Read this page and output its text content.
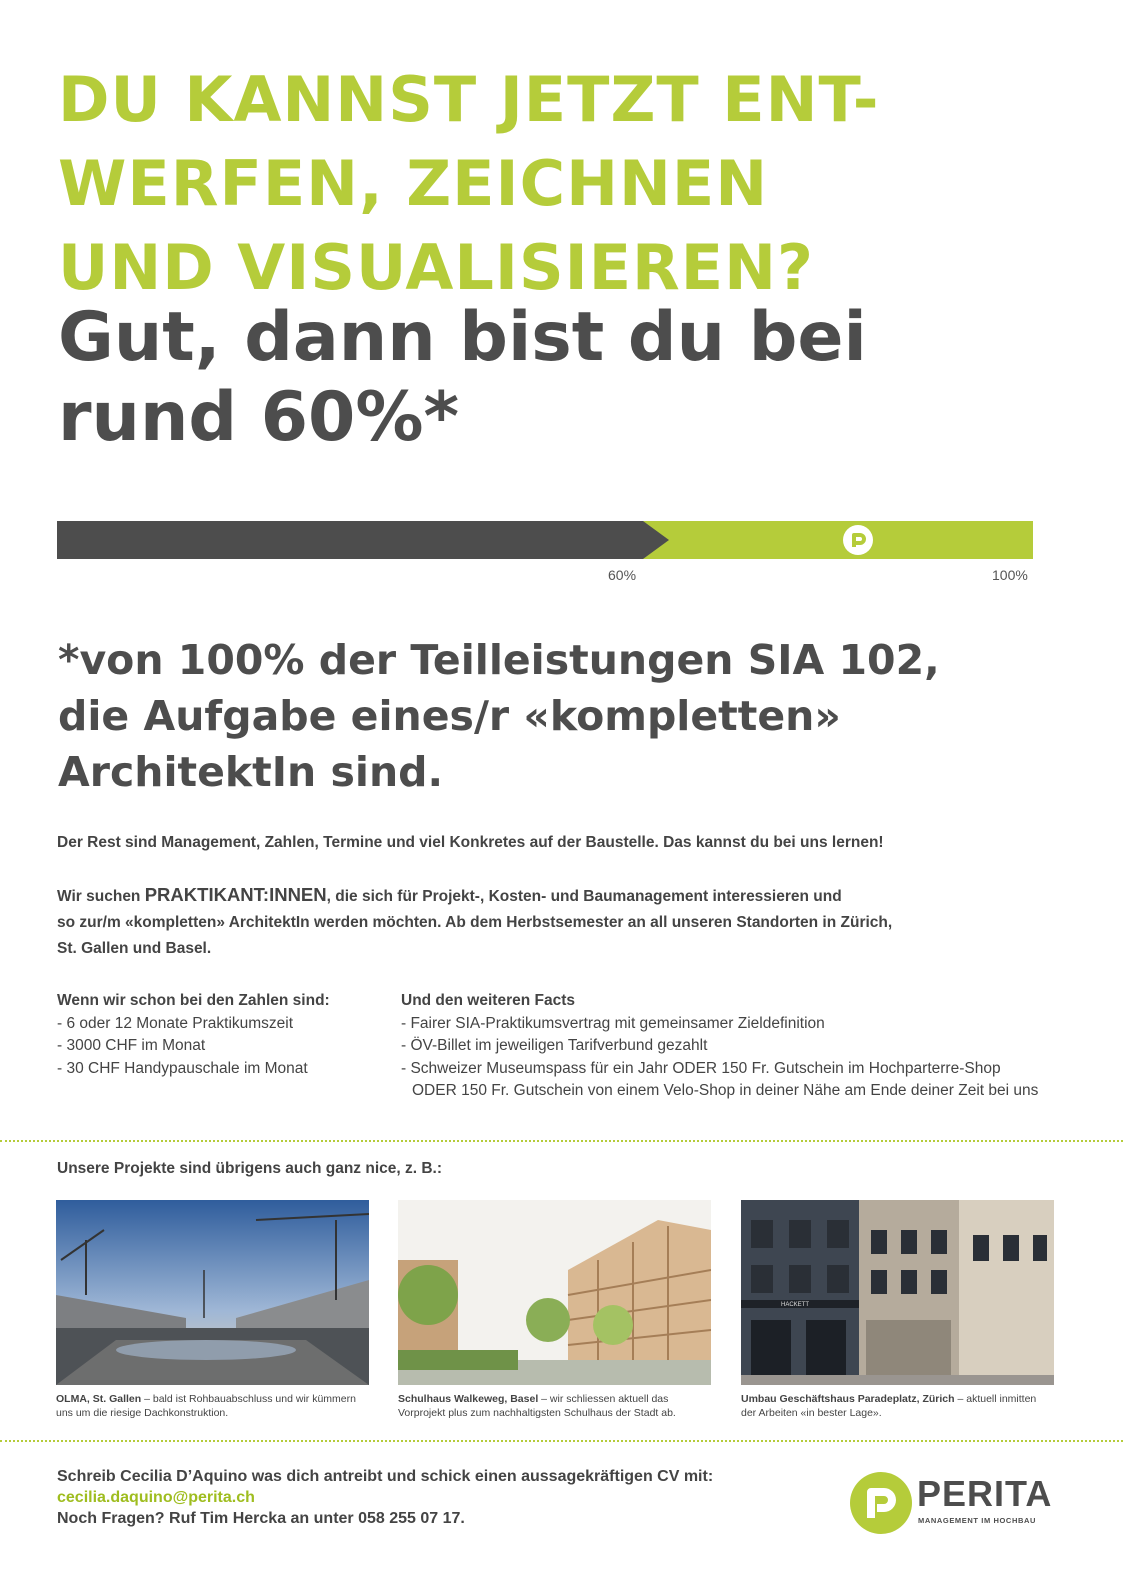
DU KANNST JETZT ENT-
WERFEN, ZEICHNEN
UND VISUALISIEREN?
Gut, dann bist du bei
rund 60%*
60%	100%

*von 100% der Teilleistungen SIA 102,
die Aufgabe eines/r «kompletten»
ArchitektIn sind.

Der Rest sind Management, Zahlen, Termine und viel Konkretes auf der Baustelle. Das kannst du bei uns lernen!

Wir suchen PRAKTIKANT:INNEN, die sich für Projekt-, Kosten- und Baumanagement interessieren und
so zur/m «kompletten» ArchitektIn werden möchten. Ab dem Herbstsemester an all unseren Standorten in Zürich,
St. Gallen und Basel.

Wenn wir schon bei den Zahlen sind:
- 6 oder 12 Monate Praktikumszeit
- 3000 CHF im Monat
- 30 CHF Handypauschale im Monat
Und den weiteren Facts
- Fairer SIA-Praktikumsvertrag mit gemeinsamer Zieldefinition
- ÖV-Billet im jeweiligen Tarifverbund gezahlt
- Schweizer Museumspass für ein Jahr ODER 150 Fr. Gutschein im Hochparterre-Shop ODER 150 Fr. Gutschein von einem Velo-Shop in deiner Nähe am Ende deiner Zeit bei uns
Unsere Projekte sind übrigens auch ganz nice, z. B.:
HACKETT
OLMA, St. Gallen – bald ist Rohbauabschluss und wir kümmern uns um die riesige Dachkonstruktion.
Schulhaus Walkeweg, Basel – wir schliessen aktuell das Vorprojekt plus zum nachhaltigsten Schulhaus der Stadt ab.
Umbau Geschäftshaus Paradeplatz, Zürich – aktuell inmitten der Arbeiten «in bester Lage».
Schreib Cecilia D’Aquino was dich antreibt und schick einen aussagekräftigen CV mit:
cecilia.daquino@perita.ch
Noch Fragen? Ruf Tim Hercka an unter 058 255 07 17.
PERITA
MANAGEMENT IM HOCHBAU
